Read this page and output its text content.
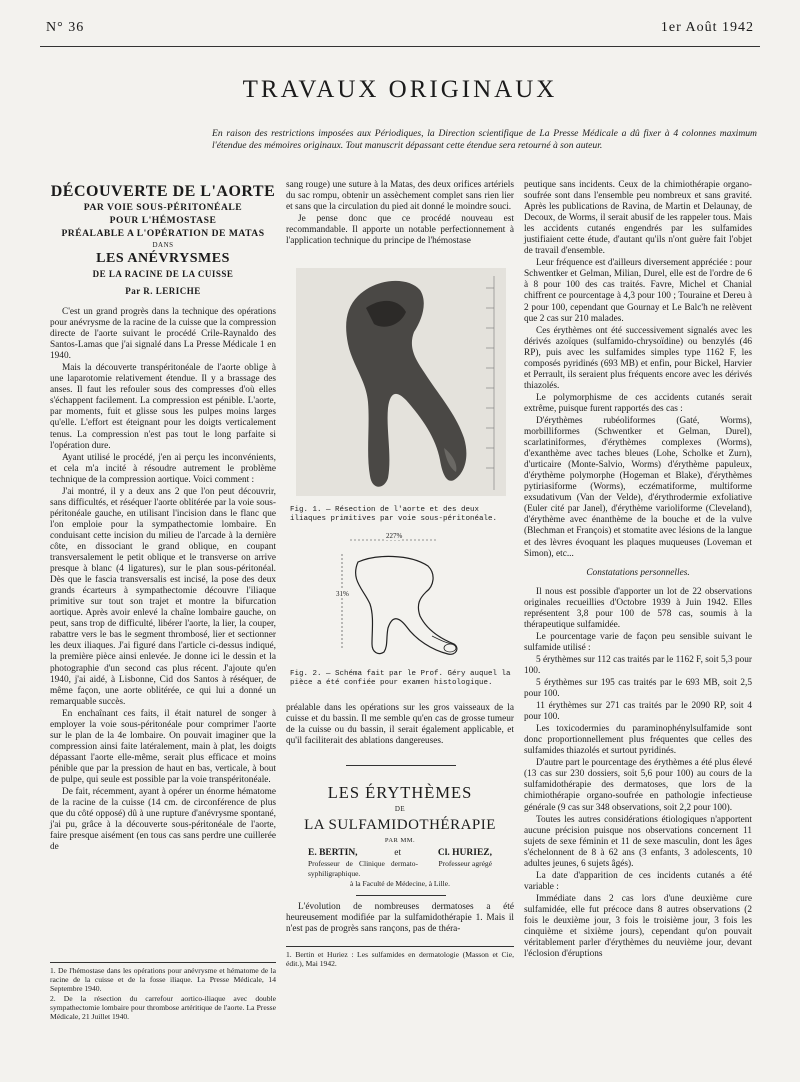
N° 36	1er Août 1942
TRAVAUX ORIGINAUX
En raison des restrictions imposées aux Périodiques, la Direction scientifique de La Presse Médicale a dû fixer à 4 colonnes maximum l'étendue des mémoires originaux. Tout manuscrit dépassant cette étendue sera retourné à son auteur.
DÉCOUVERTE DE L'AORTE
PAR VOIE SOUS-PÉRITONÉALE
POUR L'HÉMOSTASE
PRÉALABLE A L'OPÉRATION DE MATAS
DANS
LES ANÉVRYSMES
DE LA RACINE DE LA CUISSE
Par R. LERICHE

C'est un grand progrès dans la technique des opérations pour anévrysme de la racine de la cuisse que la compression directe de l'aorte suivant le procédé Crile-Raynaldo des Santos-Lamas que j'ai signalé dans La Presse Médicale 1 en 1940.

Mais la découverte transpéritonéale de l'aorte oblige à une laparotomie relativement étendue. Il y a brassage des anses. Il faut les refouler sous des compresses d'où elles s'échappent facilement. La compression est pénible. L'aorte, par moments, fuit et glisse sous les pulpes moins larges qu'elle. L'effort est éteignant pour les doigts verticalement tenus. La compression n'est pas tout le long parfaite si l'opération dure.

Ayant utilisé le procédé, j'en ai perçu les inconvénients, et cela m'a incité à résoudre autrement le problème technique de la compression aortique. Voici comment :

J'ai montré, il y a deux ans 2 que l'on peut découvrir, sans difficultés, et réséquer l'aorte oblitérée par la voie sous-péritonéale gauche, en utilisant l'incision dans le flanc que l'on emploie pour la sympathectomie lombaire. En conduisant cette incision du milieu de l'arcade à la dernière côte, en dissociant le grand oblique, en coupant transversalement le petit oblique et le transverse on arrive presque à blanc (4 ligatures), sur le plan sous-péritonéal. Dès que le fascia transversalis est incisé, la pose des deux grands écarteurs à sympathectomie découvre l'iliaque primitive sur tout son trajet et montre la bifurcation aortique. Après avoir enlevé la chaîne lombaire gauche, on peut, sans trop de difficulté, libérer l'aorte, la lier, la couper, rabattre vers le bas le segment thrombosé, lier et sectionner les deux iliaques. J'ai figuré dans l'article ci-dessus indiqué, la première pièce ainsi enlevée. Je donne ici le dessin et la photographie d'un second cas plus récent. J'ajoute qu'en 1940, j'ai aidé, à Lisbonne, Cid dos Santos à réséquer, de même façon, une aorte oblitérée, ce qui lui a donné un remarquable succès.

En enchaînant ces faits, il était naturel de songer à employer la voie sous-péritonéale pour comprimer l'aorte sur le plan de la 4e lombaire. On pouvait imaginer que la compression ainsi faite latéralement, main à plat, les doigts dépassant l'aorte elle-même, serait plus efficace et moins pénible que par la pression de haut en bas, verticale, à bout de pulpe, qui seule est possible par la voie transpéritonéale.

De fait, récemment, ayant à opérer un énorme hématome de la racine de la cuisse (14 cm. de circonférence de plus que du côté opposé) dû à une rupture d'anévrysme spontané, j'ai pu, grâce à la découverte sous-péritonéale de l'aorte, faire presque aisément (en tous cas sans perdre une cuillerée de

1. De l'hémostase dans les opérations pour anévrysme et hématome de la racine de la cuisse et de la fosse iliaque. La Presse Médicale, 14 Septembre 1940.

2. De la résection du carrefour aortico-iliaque avec double sympathectomie lombaire pour thrombose artéritique de l'aorte. La Presse Médicale, 21 Juillet 1940.

sang rouge) une suture à la Matas, des deux orifices artériels du sac rompu, obtenir un assèchement complet sans rien lier et sans que la circulation du pied ait donné le moindre souci.

Je pense donc que ce procédé nouveau est recommandable. Il apporte un notable perfectionnement à l'application technique du principe de l'hémostase

Fig. 1. — Résection de l'aorte et des deux iliaques primitives par voie sous-péritonéale.
227%
31%
Fig. 2. — Schéma fait par le Prof. Géry auquel la pièce a été confiée pour examen histologique.

préalable dans les opérations sur les gros vaisseaux de la cuisse et du bassin. Il me semble qu'en cas de grosse tumeur de la cuisse ou du bassin, il serait également applicable, et qu'il faciliterait des ablations dangereuses.

LES ÉRYTHÈMES
DE
LA SULFAMIDOTHÉRAPIE
PAR MM.
E. BERTIN,	et	Cl. HURIEZ,
Professeur de Clinique dermato-syphiligraphique.
Professeur agrégé
à la Faculté de Médecine, à Lille.

L'évolution de nombreuses dermatoses a été heureusement modifiée par la sulfamidothérapie 1. Mais il n'est pas de progrès sans rançons, pas de théra-

1. Bertin et Huriez : Les sulfamides en dermatologie (Masson et Cie, édit.), Mai 1942.

peutique sans incidents. Ceux de la chimiothérapie organo-soufrée sont dans l'ensemble peu nombreux et sans gravité. Après les publications de Ravina, de Martin et Delaunay, de Decoux, de Worms, il serait abusif de les rappeler tous. Mais les accidents cutanés engendrés par les sulfamides justifiaient cette étude, d'autant qu'ils n'ont guère fait l'objet de travail d'ensemble.

Leur fréquence est d'ailleurs diversement appréciée : pour Schwentker et Gelman, Milian, Durel, elle est de l'ordre de 6 à 8 pour 100 des cas traités. Favre, Michel et Chanial chiffrent ce pourcentage à 4,3 pour 100 ; Touraine et Dereu à 2 pour 100, cependant que Gournay et Le Balc'h ne relèvent que 2 cas sur 210 malades.

Ces érythèmes ont été successivement signalés avec les dérivés azoïques (sulfamido-chrysoïdine) ou benzylés (46 RP), puis avec les sulfamides simples type 1162 F, les composés pyridinés (693 MB) et enfin, pour Bickel, Harvier et Perrault, ils seraient plus fréquents encore avec les dérivés thiazolés.

Le polymorphisme de ces accidents cutanés serait extrême, puisque furent rapportés des cas :

D'érythèmes rubéoliformes (Gaté, Worms), morbilliformes (Schwentker et Gelman, Durel), scarlatiniformes, d'érythèmes complexes (Worms), d'exanthème avec taches bleues (Lohe, Scholke et Zurn), d'urticaire (Monte-Salvio, Worms) d'érythème papuleux, d'érythème polymorphe (Hogeman et Blake), d'érythèmes pytiriasiforme (Worms), eczématiforme, multiforme exsudativum (Van der Velde), d'érythrodermie exfoliative (Euler cité par Janel), d'érythème varioliforme (Cleveland), d'érythème avec énanthème de la bouche et de la vulve (Blechman et François) et stomatite avec lésions de la langue et des lèvres évoquant les plaques muqueuses (Loveman et Simon), etc...

Constatations personnelles.

Il nous est possible d'apporter un lot de 22 observations originales recueillies d'Octobre 1939 à Juin 1942. Elles représentent 3,8 pour 100 de 578 cas, soumis à la thérapeutique sulfamidée.

Le pourcentage varie de façon peu sensible suivant le sulfamide utilisé :

5 érythèmes sur 112 cas traités par le 1162 F, soit 5,3 pour 100.

5 érythèmes sur 195 cas traités par le 693 MB, soit 2,5 pour 100.

11 érythèmes sur 271 cas traités par le 2090 RP, soit 4 pour 100.

Les toxicodermies du paraminophénylsulfamide sont donc proportionnellement plus fréquentes que celles des sulfamides thiazolés et surtout pyridinés.

D'autre part le pourcentage des érythèmes a été plus élevé (13 cas sur 230 dossiers, soit 5,6 pour 100) au cours de la sulfamidothérapie des dermatoses, que lors de la chimiothérapie organo-soufrée en pathologie infectieuse générale (9 cas sur 348 observations, soit 2,2 pour 100).

Toutes les autres considérations étiologiques n'apportent aucune précision puisque nos observations concernent 11 sujets de sexe féminin et 11 de sexe masculin, dont les âges s'échelonnent de 8 à 62 ans (3 enfants, 3 adolescents, 10 adultes jeunes, 6 sujets âgés).

La date d'apparition de ces incidents cutanés a été variable :

Immédiate dans 2 cas lors d'une deuxième cure sulfamidée, elle fut précoce dans 8 autres observations (2 fois le deuxième jour, 3 fois le troisième jour, 3 fois les cinquième et sixième jours), cependant qu'on pouvait véritablement parler d'érythèmes du neuvième jour, devant l'éclosion d'éruptions
